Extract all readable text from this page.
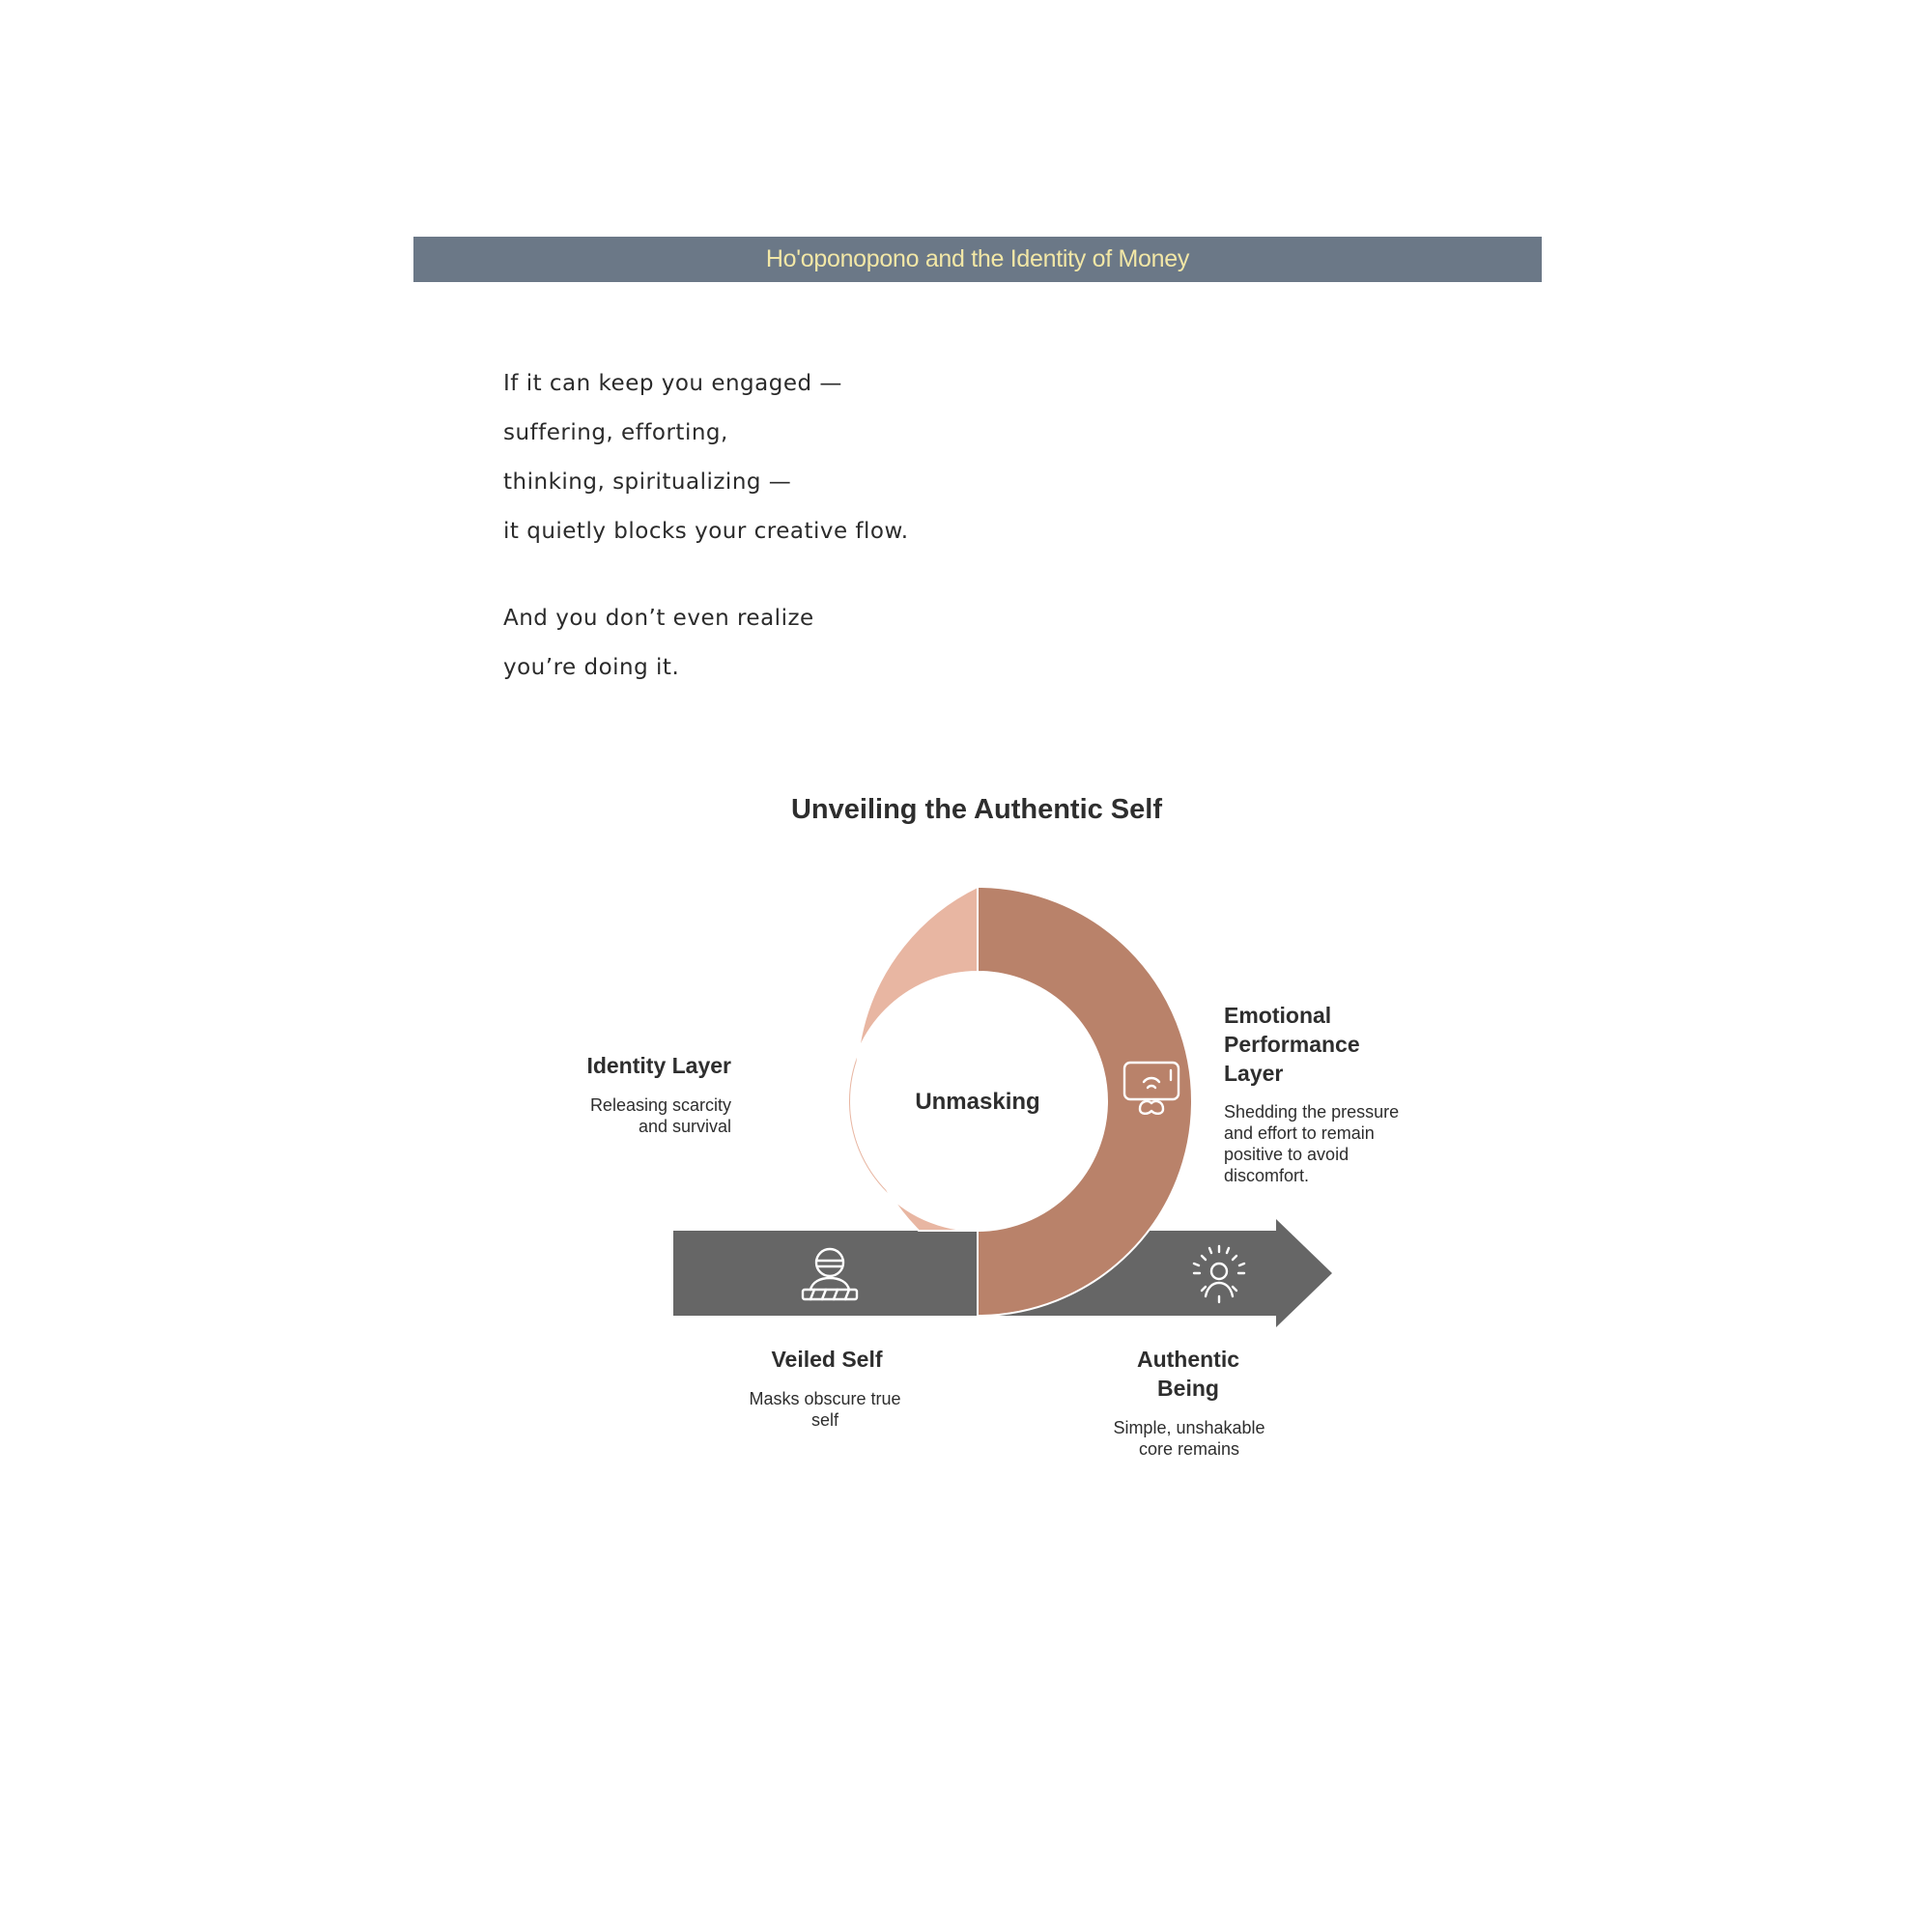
Ho'oponopono and the Identity of Money
If it can keep you engaged —
suffering, efforting,
thinking, spiritualizing —
it quietly blocks your creative flow.
And you don’t even realize
you’re doing it.
Unveiling the Authentic Self
Unmasking
Identity Layer
Releasing scarcity
and survival
Emotional
Performance
Layer
Shedding the pressure
and effort to remain
positive to avoid
discomfort.
Veiled Self
Masks obscure true
self
Authentic
Being
Simple, unshakable
core remains
